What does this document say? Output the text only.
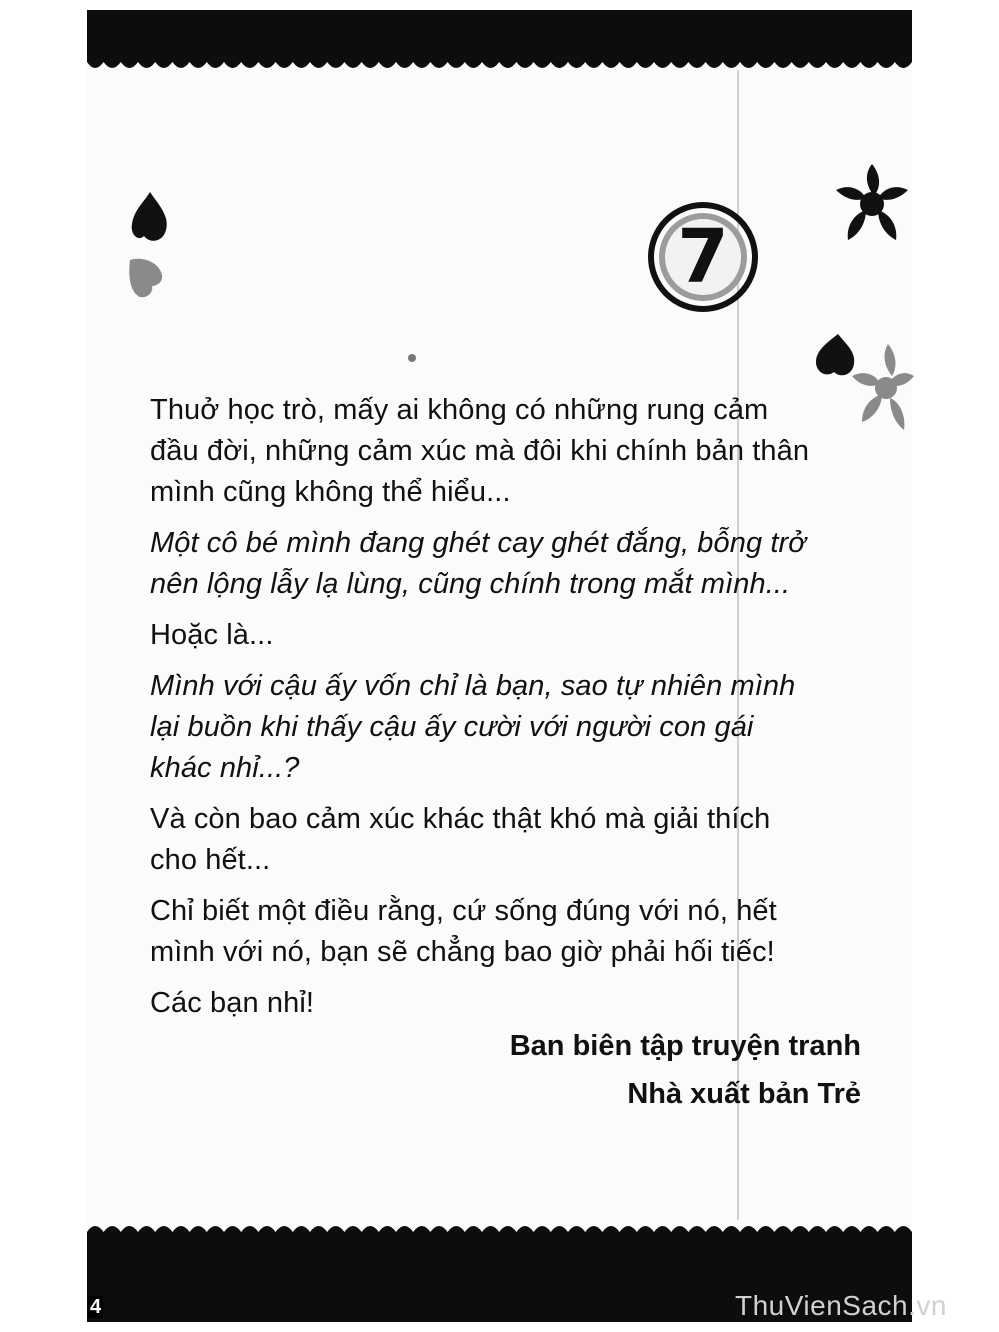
7

Thuở học trò, mấy ai không có những rung cảm
đầu đời, những cảm xúc mà đôi khi chính bản thân
mình cũng không thể hiểu...

Một cô bé mình đang ghét cay ghét đắng, bỗng trở
nên lộng lẫy lạ lùng, cũng chính trong mắt mình...

Hoặc là...

Mình với cậu ấy vốn chỉ là bạn, sao tự nhiên mình
lại buồn khi thấy cậu ấy cười với người con gái
khác nhỉ...?

Và còn bao cảm xúc khác thật khó mà giải thích
cho hết...

Chỉ biết một điều rằng, cứ sống đúng với nó, hết
mình với nó, bạn sẽ chẳng bao giờ phải hối tiếc!

Các bạn nhỉ!

Ban biên tập truyện tranh
Nhà xuất bản Trẻ
4	ThuVienSach.vn
